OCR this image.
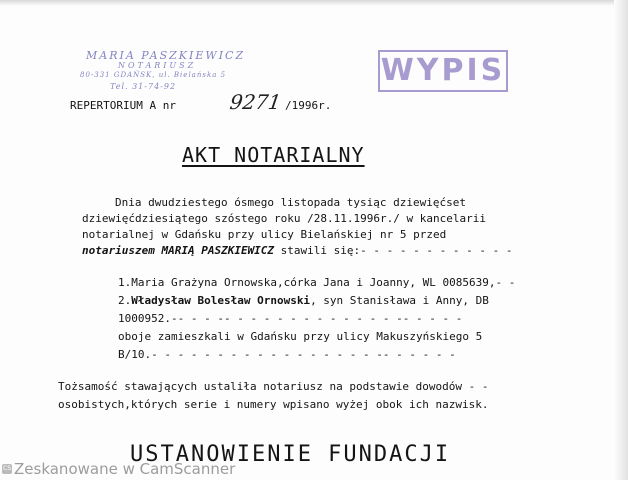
MARIA PASZKIEWICZ
NOTARIUSZ
80-331 GDAŃSK, ul. Bielańska 5
Tel. 31-74-92	WYPIS
REPERTORIUM A nr	9271 /1996r.
AKT NOTARIALNY
Dnia dwudziestego ósmego listopada tysiąc dziewięćset
dziewięćdziesiątego szóstego roku /28.11.1996r./ w kancelarii
notarialnej w Gdańsku przy ulicy Bielańskiej nr 5 przed
notariuszem MARIĄ PASZKIEWICZ stawili się:- - - - - - - - - - - -
1.Maria Grażyna Ornowska,córka Jana i Joanny, WL 0085639,- -
2.Władysław Bolesław Ornowski, syn Stanisława i Anny, DB
1000952.-- - - -- - - - - - - - - - - - - -- - - - -
oboje zamieszkali w Gdańsku przy ulicy Makuszyńskiego 5
B/10.- - - - - - - - - - - - - - - - - -- - - - - -
Tożsamość stawających ustaliła notariusz na podstawie dowodów - -
osobistych,których serie i numery wpisano wyżej obok ich nazwisk.
USTANOWIENIE FUNDACJI
CS Zeskanowane w CamScanner
